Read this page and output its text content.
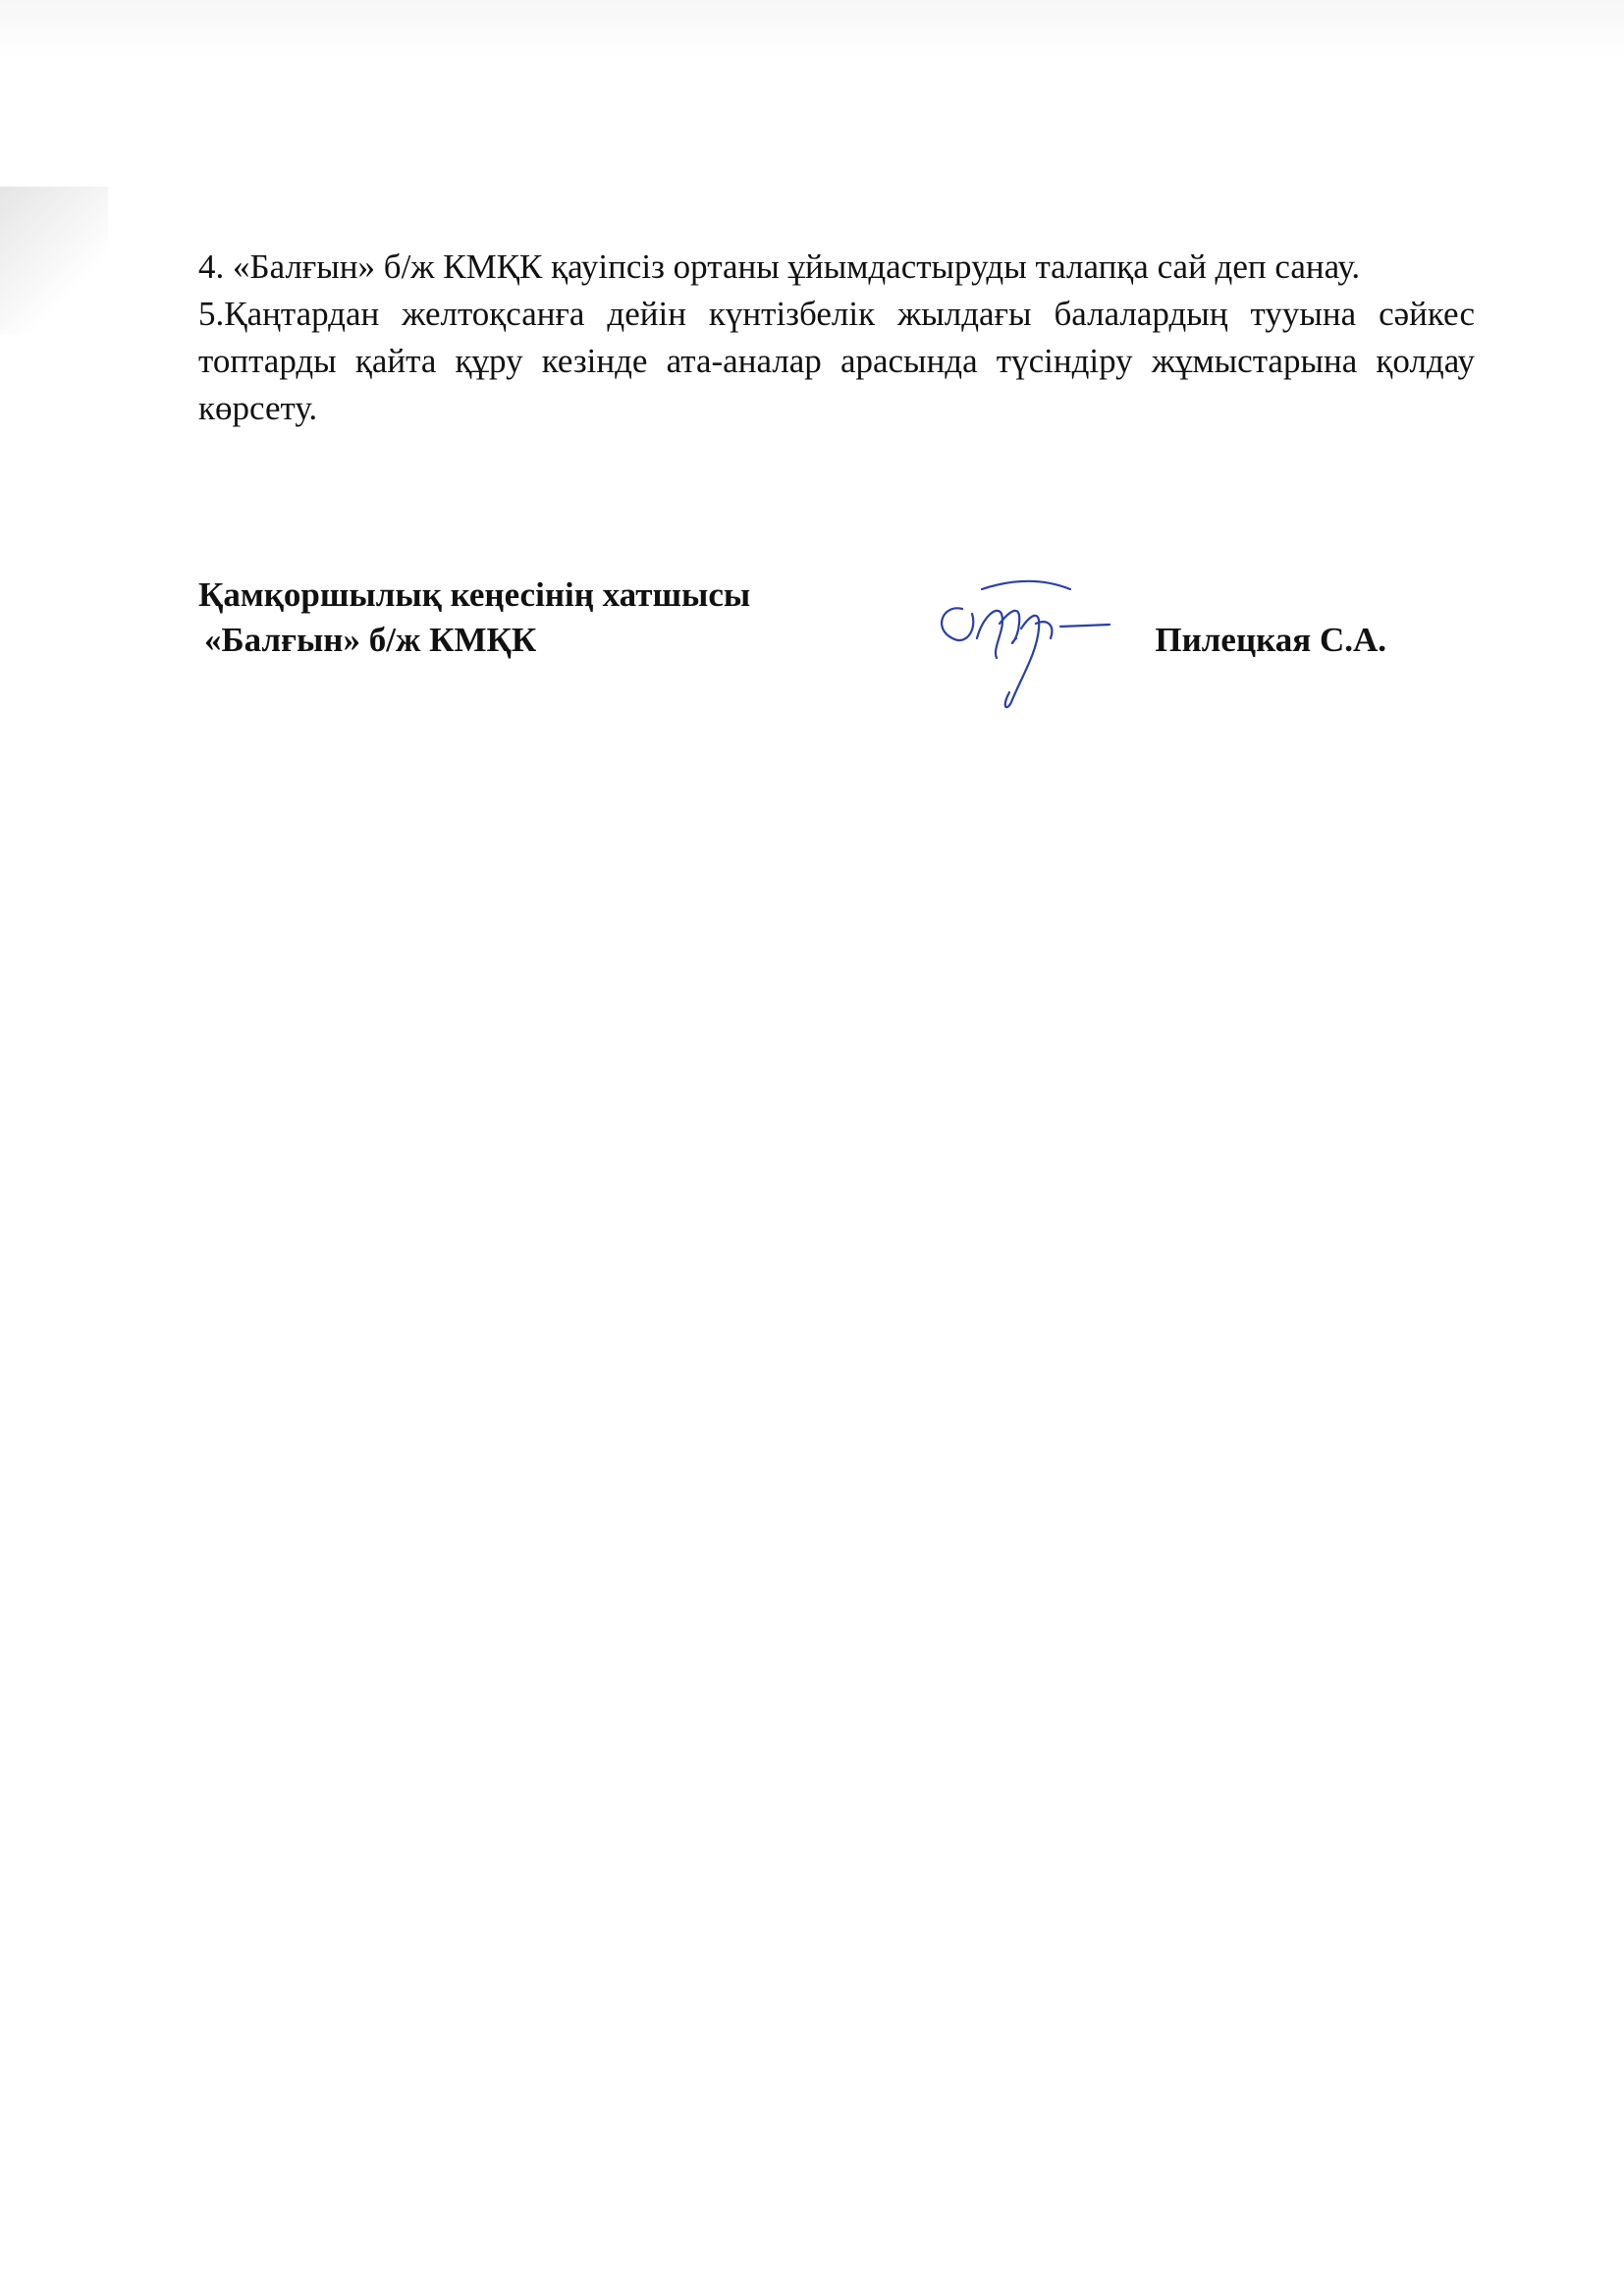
4. «Балғын» б/ж КМҚК қауіпсіз ортаны ұйымдастыруды талапқа сай деп санау.

5.Қаңтардан желтоқсанға дейін күнтізбелік жылдағы балалардың тууына сәйкес топтарды қайта құру кезінде ата-аналар арасында түсіндіру жұмыстарына қолдау көрсету.

Қамқоршылық кеңесінің хатшысы
«Балғын» б/ж КМҚК	Пилецкая С.А.
